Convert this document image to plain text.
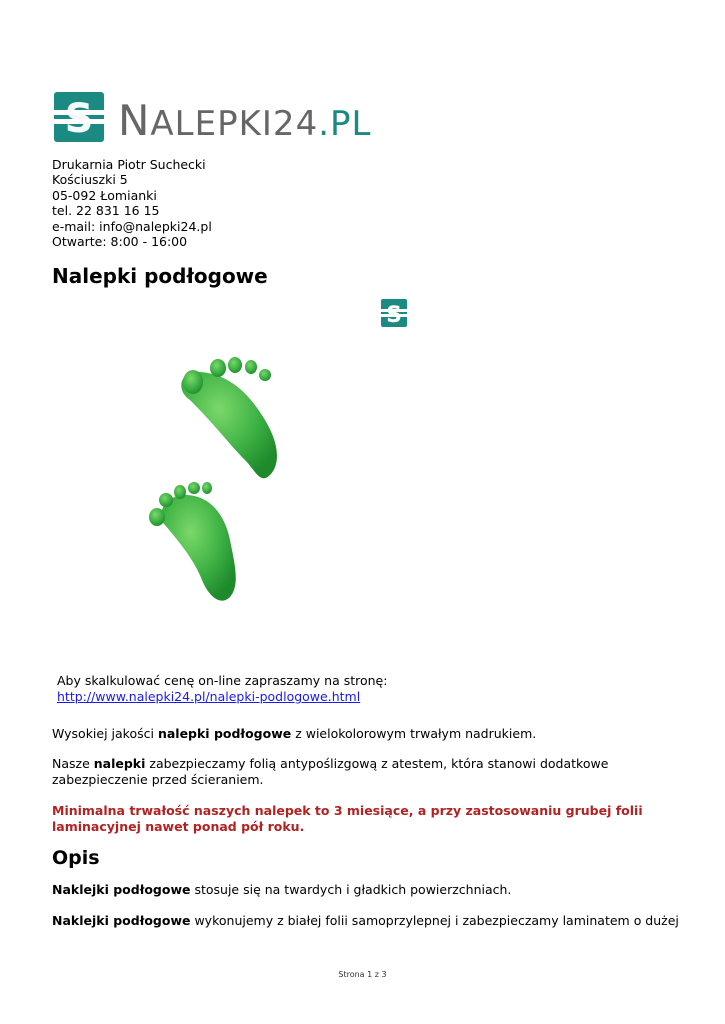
S NALEPKI24.PL
Drukarnia Piotr Suchecki
Kościuszki 5
05-092 Łomianki
tel. 22 831 16 15
e-mail: info@nalepki24.pl
Otwarte: 8:00 - 16:00
Nalepki podłogowe
S
Aby skalkulować cenę on-line zapraszamy na stronę:
http://www.nalepki24.pl/nalepki-podlogowe.html
Wysokiej jakości nalepki podłogowe z wielokolorowym trwałym nadrukiem.
Nasze nalepki zabezpieczamy folią antypoślizgową z atestem, która stanowi dodatkowe zabezpieczenie przed ścieraniem.
Minimalna trwałość naszych nalepek to 3 miesiące, a przy zastosowaniu grubej folii laminacyjnej nawet ponad pół roku.
Opis
Naklejki podłogowe stosuje się na twardych i gładkich powierzchniach.
Naklejki podłogowe wykonujemy z białej folii samoprzylepnej i zabezpieczamy laminatem o dużej
Strona 1 z 3
